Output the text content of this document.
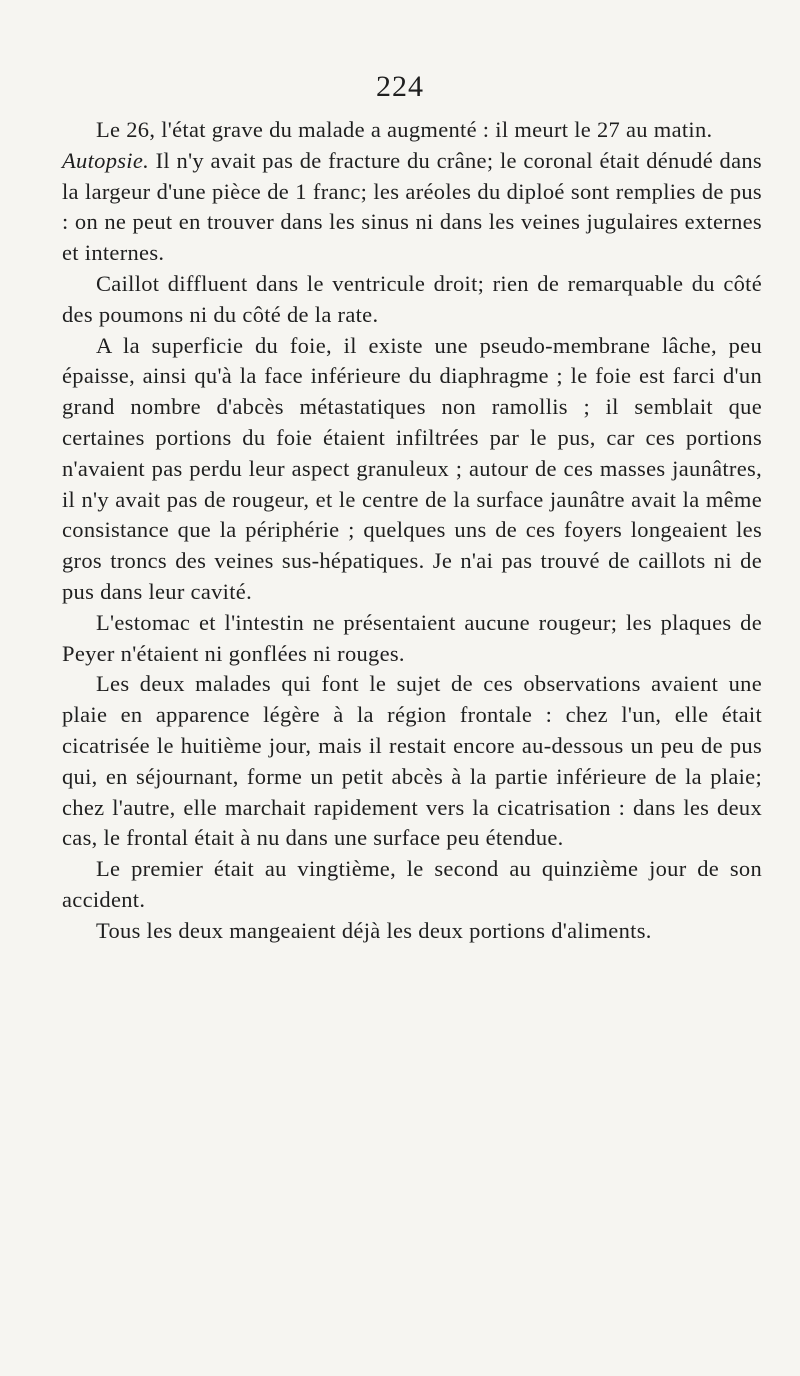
224

Le 26, l'état grave du malade a augmenté : il meurt le 27 au matin.

Autopsie. Il n'y avait pas de fracture du crâne; le coronal était dénudé dans la largeur d'une pièce de 1 franc; les aréoles du diploé sont remplies de pus : on ne peut en trouver dans les sinus ni dans les veines jugulaires externes et internes.

Caillot diffluent dans le ventricule droit; rien de remarquable du côté des poumons ni du côté de la rate.

A la superficie du foie, il existe une pseudo-membrane lâche, peu épaisse, ainsi qu'à la face inférieure du diaphragme ; le foie est farci d'un grand nombre d'abcès métastatiques non ramollis ; il semblait que certaines portions du foie étaient infiltrées par le pus, car ces portions n'avaient pas perdu leur aspect granuleux ; autour de ces masses jaunâtres, il n'y avait pas de rougeur, et le centre de la surface jaunâtre avait la même consistance que la périphérie ; quelques uns de ces foyers longeaient les gros troncs des veines sus-hépatiques. Je n'ai pas trouvé de caillots ni de pus dans leur cavité.

L'estomac et l'intestin ne présentaient aucune rougeur; les plaques de Peyer n'étaient ni gonflées ni rouges.

Les deux malades qui font le sujet de ces observations avaient une plaie en apparence légère à la région frontale : chez l'un, elle était cicatrisée le huitième jour, mais il restait encore au-dessous un peu de pus qui, en séjournant, forme un petit abcès à la partie inférieure de la plaie; chez l'autre, elle marchait rapidement vers la cicatrisation : dans les deux cas, le frontal était à nu dans une surface peu étendue.

Le premier était au vingtième, le second au quinzième jour de son accident.

Tous les deux mangeaient déjà les deux portions d'aliments.
